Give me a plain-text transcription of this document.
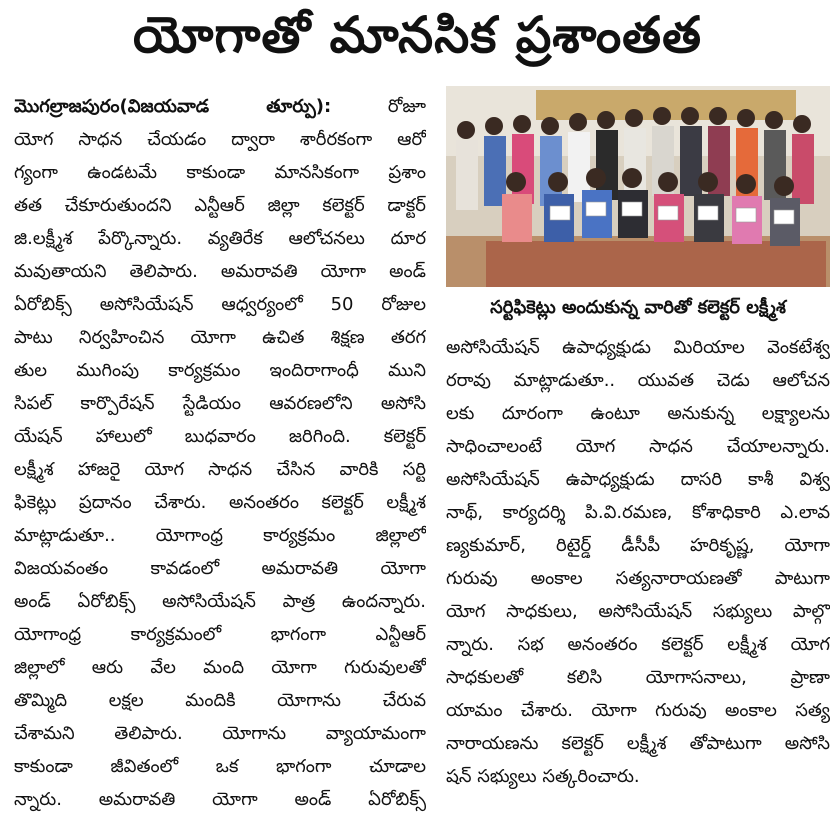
యోగాతో మానసిక ప్రశాంతత
మొగల్రాజపురం(విజయవాడ తూర్పు): రోజూ
యోగ సాధన చేయడం ద్వారా శారీరకంగా ఆరో
గ్యంగా ఉండటమే కాకుండా మానసికంగా ప్రశాం
తత చేకూరుతుందని ఎన్టీఆర్ జిల్లా కలెక్టర్ డాక్టర్
జి.లక్ష్మీశ పేర్కొన్నారు. వ్యతిరేక ఆలోచనలు దూర
మవుతాయని తెలిపారు. అమరావతి యోగా అండ్
ఏరోబిక్స్ అసోసియేషన్ ఆధ్వర్యంలో 50 రోజుల
పాటు నిర్వహించిన యోగా ఉచిత శిక్షణ తరగ
తుల ముగింపు కార్యక్రమం ఇందిరాగాంధీ ముని
సిపల్ కార్పొరేషన్ స్టేడియం ఆవరణలోని అసోసి
యేషన్ హాలులో బుధవారం జరిగింది. కలెక్టర్
లక్ష్మీశ హాజరై యోగ సాధన చేసిన వారికి సర్టి
ఫికెట్లు ప్రదానం చేశారు. అనంతరం కలెక్టర్ లక్ష్మీశ
మాట్లాడుతూ.. యోగాంధ్ర కార్యక్రమం జిల్లాలో
విజయవంతం కావడంలో అమరావతి యోగా
అండ్ ఏరోబిక్స్ అసోసియేషన్ పాత్ర ఉందన్నారు.
యోగాంధ్ర కార్యక్రమంలో భాగంగా ఎన్టీఆర్
జిల్లాలో ఆరు వేల మంది యోగా గురువులతో
తొమ్మిది లక్షల మందికి యోగాను చేరువ
చేశామని తెలిపారు. యోగాను వ్యాయామంగా
కాకుండా జీవితంలో ఒక భాగంగా చూడాల
న్నారు. అమరావతి యోగా అండ్ ఏరోబిక్స్
సర్టిఫికెట్లు అందుకున్న వారితో కలెక్టర్ లక్ష్మీశ
అసోసియేషన్ ఉపాధ్యక్షుడు మిరియాల వెంకటేశ్వ
రరావు మాట్లాడుతూ.. యువత చెడు ఆలోచన
లకు దూరంగా ఉంటూ అనుకున్న లక్ష్యాలను
సాధించాలంటే యోగ సాధన చేయాలన్నారు.
అసోసియేషన్ ఉపాధ్యక్షుడు దాసరి కాశీ విశ్వ
నాథ్, కార్యదర్శి పి.వి.రమణ, కోశాధికారి ఎ.లావ
ణ్యకుమార్, రిటైర్డ్ డీసీపీ హరికృష్ణ, యోగా
గురువు అంకాల సత్యనారాయణతో పాటుగా
యోగ సాధకులు, అసోసియేషన్ సభ్యులు పాల్గొ
న్నారు. సభ అనంతరం కలెక్టర్ లక్ష్మీశ యోగ
సాధకులతో కలిసి యోగాసనాలు, ప్రాణా
యామం చేశారు. యోగా గురువు అంకాల సత్య
నారాయణను కలెక్టర్ లక్ష్మీశ తోపాటుగా అసోసి
షన్ సభ్యులు సత్కరించారు.
